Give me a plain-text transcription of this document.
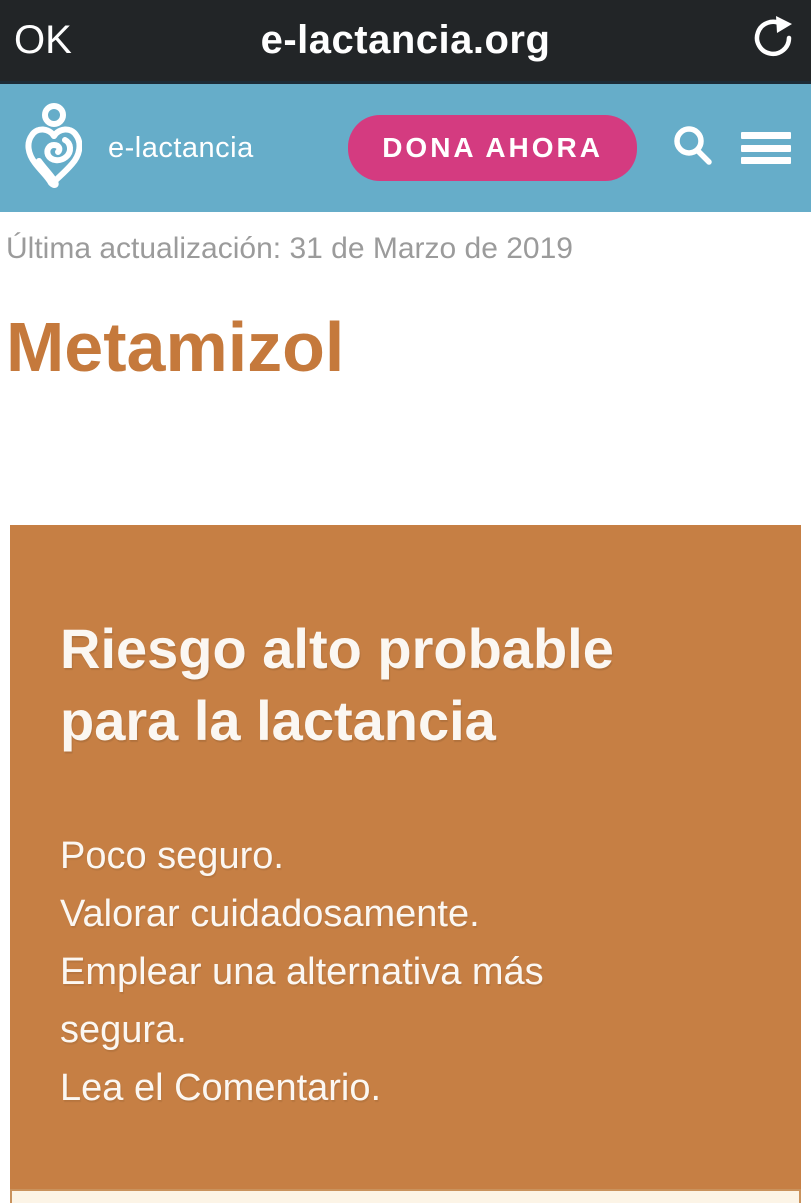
OK	e-lactancia.org
e-lactancia	DONA AHORA
Última actualización: 31 de Marzo de 2019
Metamizol
Riesgo alto probable para la lactancia
Poco seguro.
Valorar cuidadosamente.
Emplear una alternativa más segura.
Lea el Comentario.
